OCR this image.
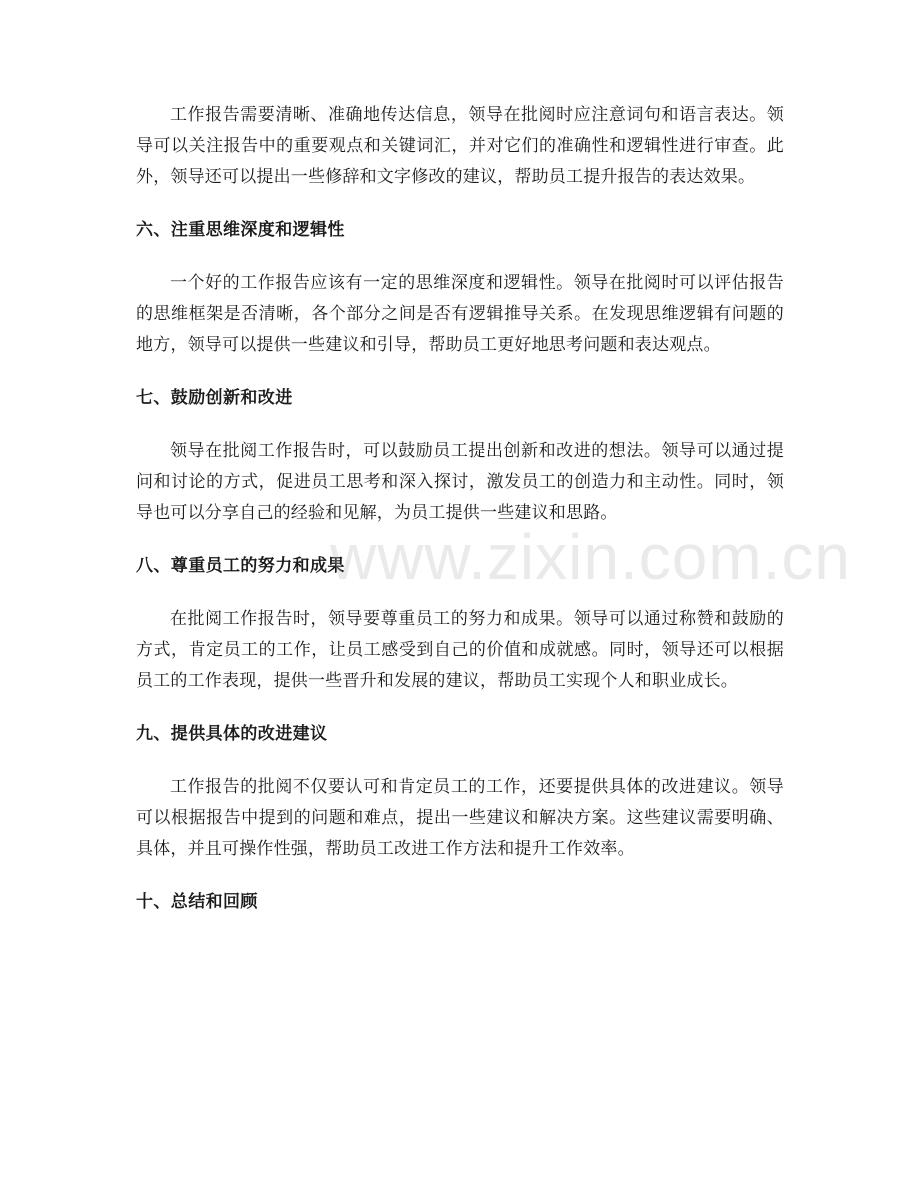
工作报告需要清晰、准确地传达信息，领导在批阅时应注意词句和语言表达。领导可以关注报告中的重要观点和关键词汇，并对它们的准确性和逻辑性进行审查。此外，领导还可以提出一些修辞和文字修改的建议，帮助员工提升报告的表达效果。

六、注重思维深度和逻辑性

一个好的工作报告应该有一定的思维深度和逻辑性。领导在批阅时可以评估报告的思维框架是否清晰，各个部分之间是否有逻辑推导关系。在发现思维逻辑有问题的地方，领导可以提供一些建议和引导，帮助员工更好地思考问题和表达观点。

七、鼓励创新和改进

领导在批阅工作报告时，可以鼓励员工提出创新和改进的想法。领导可以通过提问和讨论的方式，促进员工思考和深入探讨，激发员工的创造力和主动性。同时，领导也可以分享自己的经验和见解，为员工提供一些建议和思路。

八、尊重员工的努力和成果

在批阅工作报告时，领导要尊重员工的努力和成果。领导可以通过称赞和鼓励的方式，肯定员工的工作，让员工感受到自己的价值和成就感。同时，领导还可以根据员工的工作表现，提供一些晋升和发展的建议，帮助员工实现个人和职业成长。

九、提供具体的改进建议

工作报告的批阅不仅要认可和肯定员工的工作，还要提供具体的改进建议。领导可以根据报告中提到的问题和难点，提出一些建议和解决方案。这些建议需要明确、具体，并且可操作性强，帮助员工改进工作方法和提升工作效率。

十、总结和回顾
www.zixin.com.cn
